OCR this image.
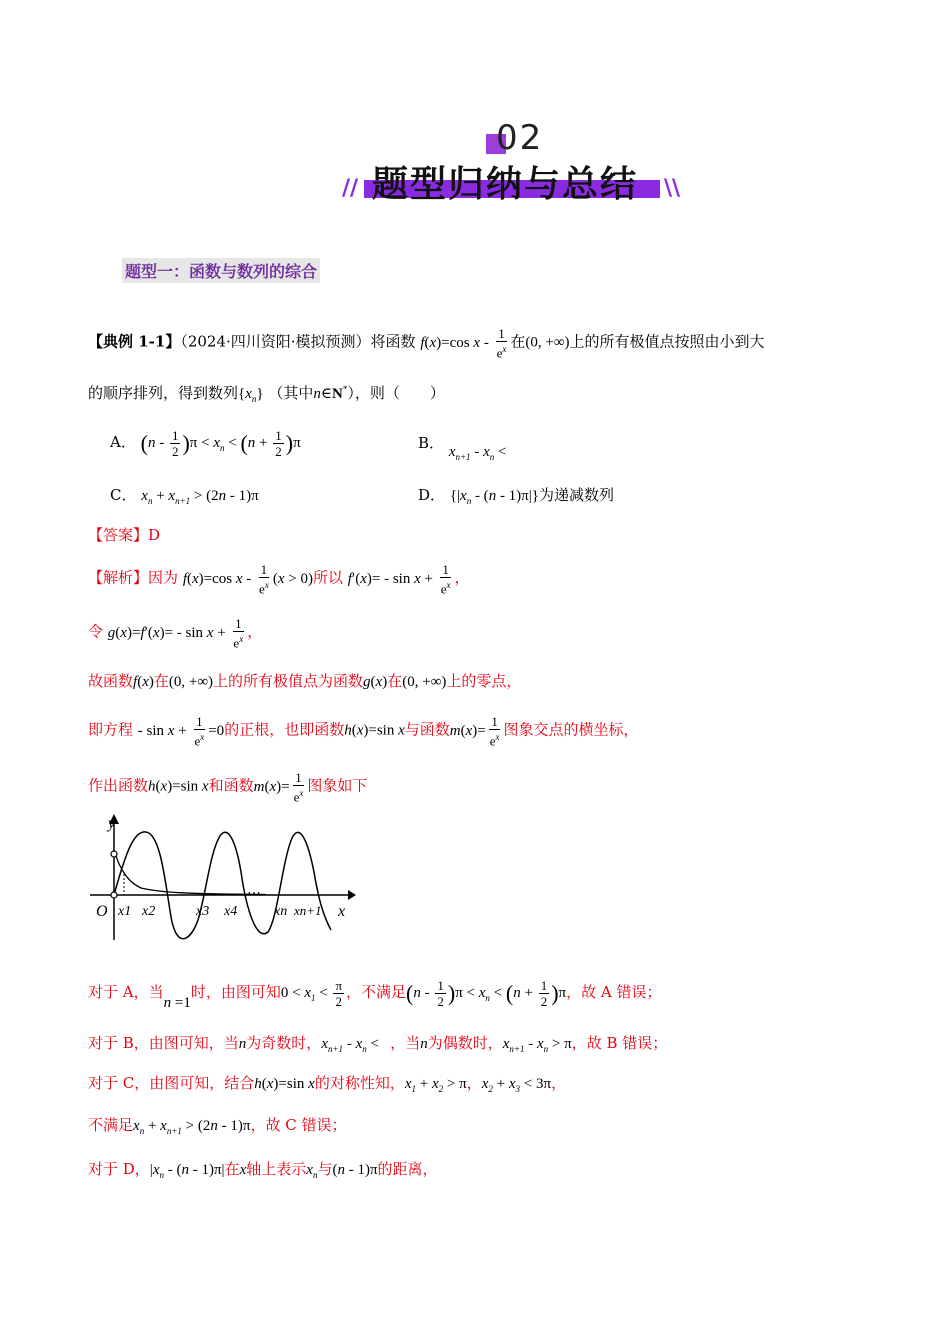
02
题型归纳与总结
//	\\
题型一：函数与数列的综合
【典例 1-1】（2024·四川资阳·模拟预测）将函数 f(x)=cos x - $\frac{1}{e^x}$ 在(0, +∞)上的所有极值点按照由小到大
的顺序排列，得到数列$\{x_n\}$ （其中n∈N*），则（　　）
A． $(n - \frac{1}{2} )\pi < x_n < (n + \frac{1}{2} )\pi$	B． $x_{n+1} - x_n$ <
C． $x_n + x_{n+1} > (2n - 1)\pi$	D． $\{|x_n - (n - 1)\pi|\}$为递减数列
【答案】D
【解析】因为 f(x)=cos $x - \frac{1}{e^x} (x > 0)$所以 $f'(x)= - \sin x + \frac{1}{e^x}$ ，
令 $g(x)=f'(x)= - \sin x + \frac{1}{e^x}$ ，
故函数f(x)在(0, +∞)上的所有极值点为函数g(x)在(0, +∞)上的零点，
即方程 - $\sin x + \frac{1}{e^x} =0$的正根，也即函数h(x)=sin x与函数$m(x)= \frac{1}{e^x}$ 图象交点的横坐标，
作出函数h(x)=sin x和函数$m(x)= \frac{1}{e^x}$ 图象如下
…
y
x
O x1 x2	x3 x4	xn xn+1
对于 A，当n =1时，由图可知$0 < x_1 < \frac{\pi}{2}$ ，不满足$(n - \frac{1}{2} )\pi < x_n < (n + \frac{1}{2} )\pi$，故 A 错误；
对于 B，由图可知，当n为奇数时，$x_{n+1} - x_n$ < ，当n为偶数时，$x_{n+1} - x_n > \pi$，故 B 错误；
对于 C，由图可知，结合h(x)=sin x的对称性知，$x_1 + x_2 > \pi$，$x_2 + x_3 < 3\pi$，
不满足$x_n + x_{n+1} > (2n - 1)\pi$，故 C 错误；
对于 D，$|x_n - (n - 1)\pi|$在x轴上表示$x_n$与(n - 1)π的距离，
